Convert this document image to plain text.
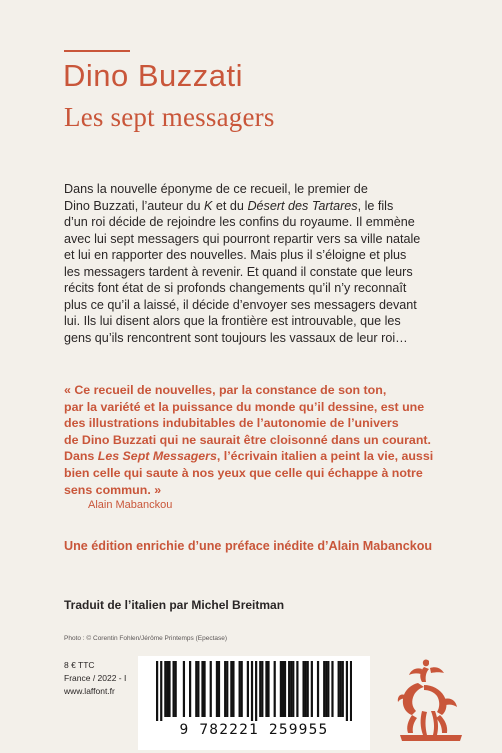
Dino Buzzati
Les sept messagers
Dans la nouvelle éponyme de ce recueil, le premier de
Dino Buzzati, l’auteur du K et du Désert des Tartares, le fils
d’un roi décide de rejoindre les confins du royaume. Il emmène
avec lui sept messagers qui pourront repartir vers sa ville natale
et lui en rapporter des nouvelles. Mais plus il s’éloigne et plus
les messagers tardent à revenir. Et quand il constate que leurs
récits font état de si profonds changements qu’il n’y reconnaît
plus ce qu’il a laissé, il décide d’envoyer ses messagers devant
lui. Ils lui disent alors que la frontière est introuvable, que les
gens qu’ils rencontrent sont toujours les vassaux de leur roi…
« Ce recueil de nouvelles, par la constance de son ton,
par la variété et la puissance du monde qu’il dessine, est une
des illustrations indubitables de l’autonomie de l’univers
de Dino Buzzati qui ne saurait être cloisonné dans un courant.
Dans Les Sept Messagers, l’écrivain italien a peint la vie, aussi
bien celle qui saute à nos yeux que celle qui échappe à notre
sens commun. »
Alain Mabanckou
Une édition enrichie d’une préface inédite d’Alain Mabanckou
Traduit de l’italien par Michel Breitman
Photo : © Corentin Fohlen/Jérôme Printemps (Epectase)
8 € TTC
France / 2022 - I
www.laffont.fr
9 782221 259955
